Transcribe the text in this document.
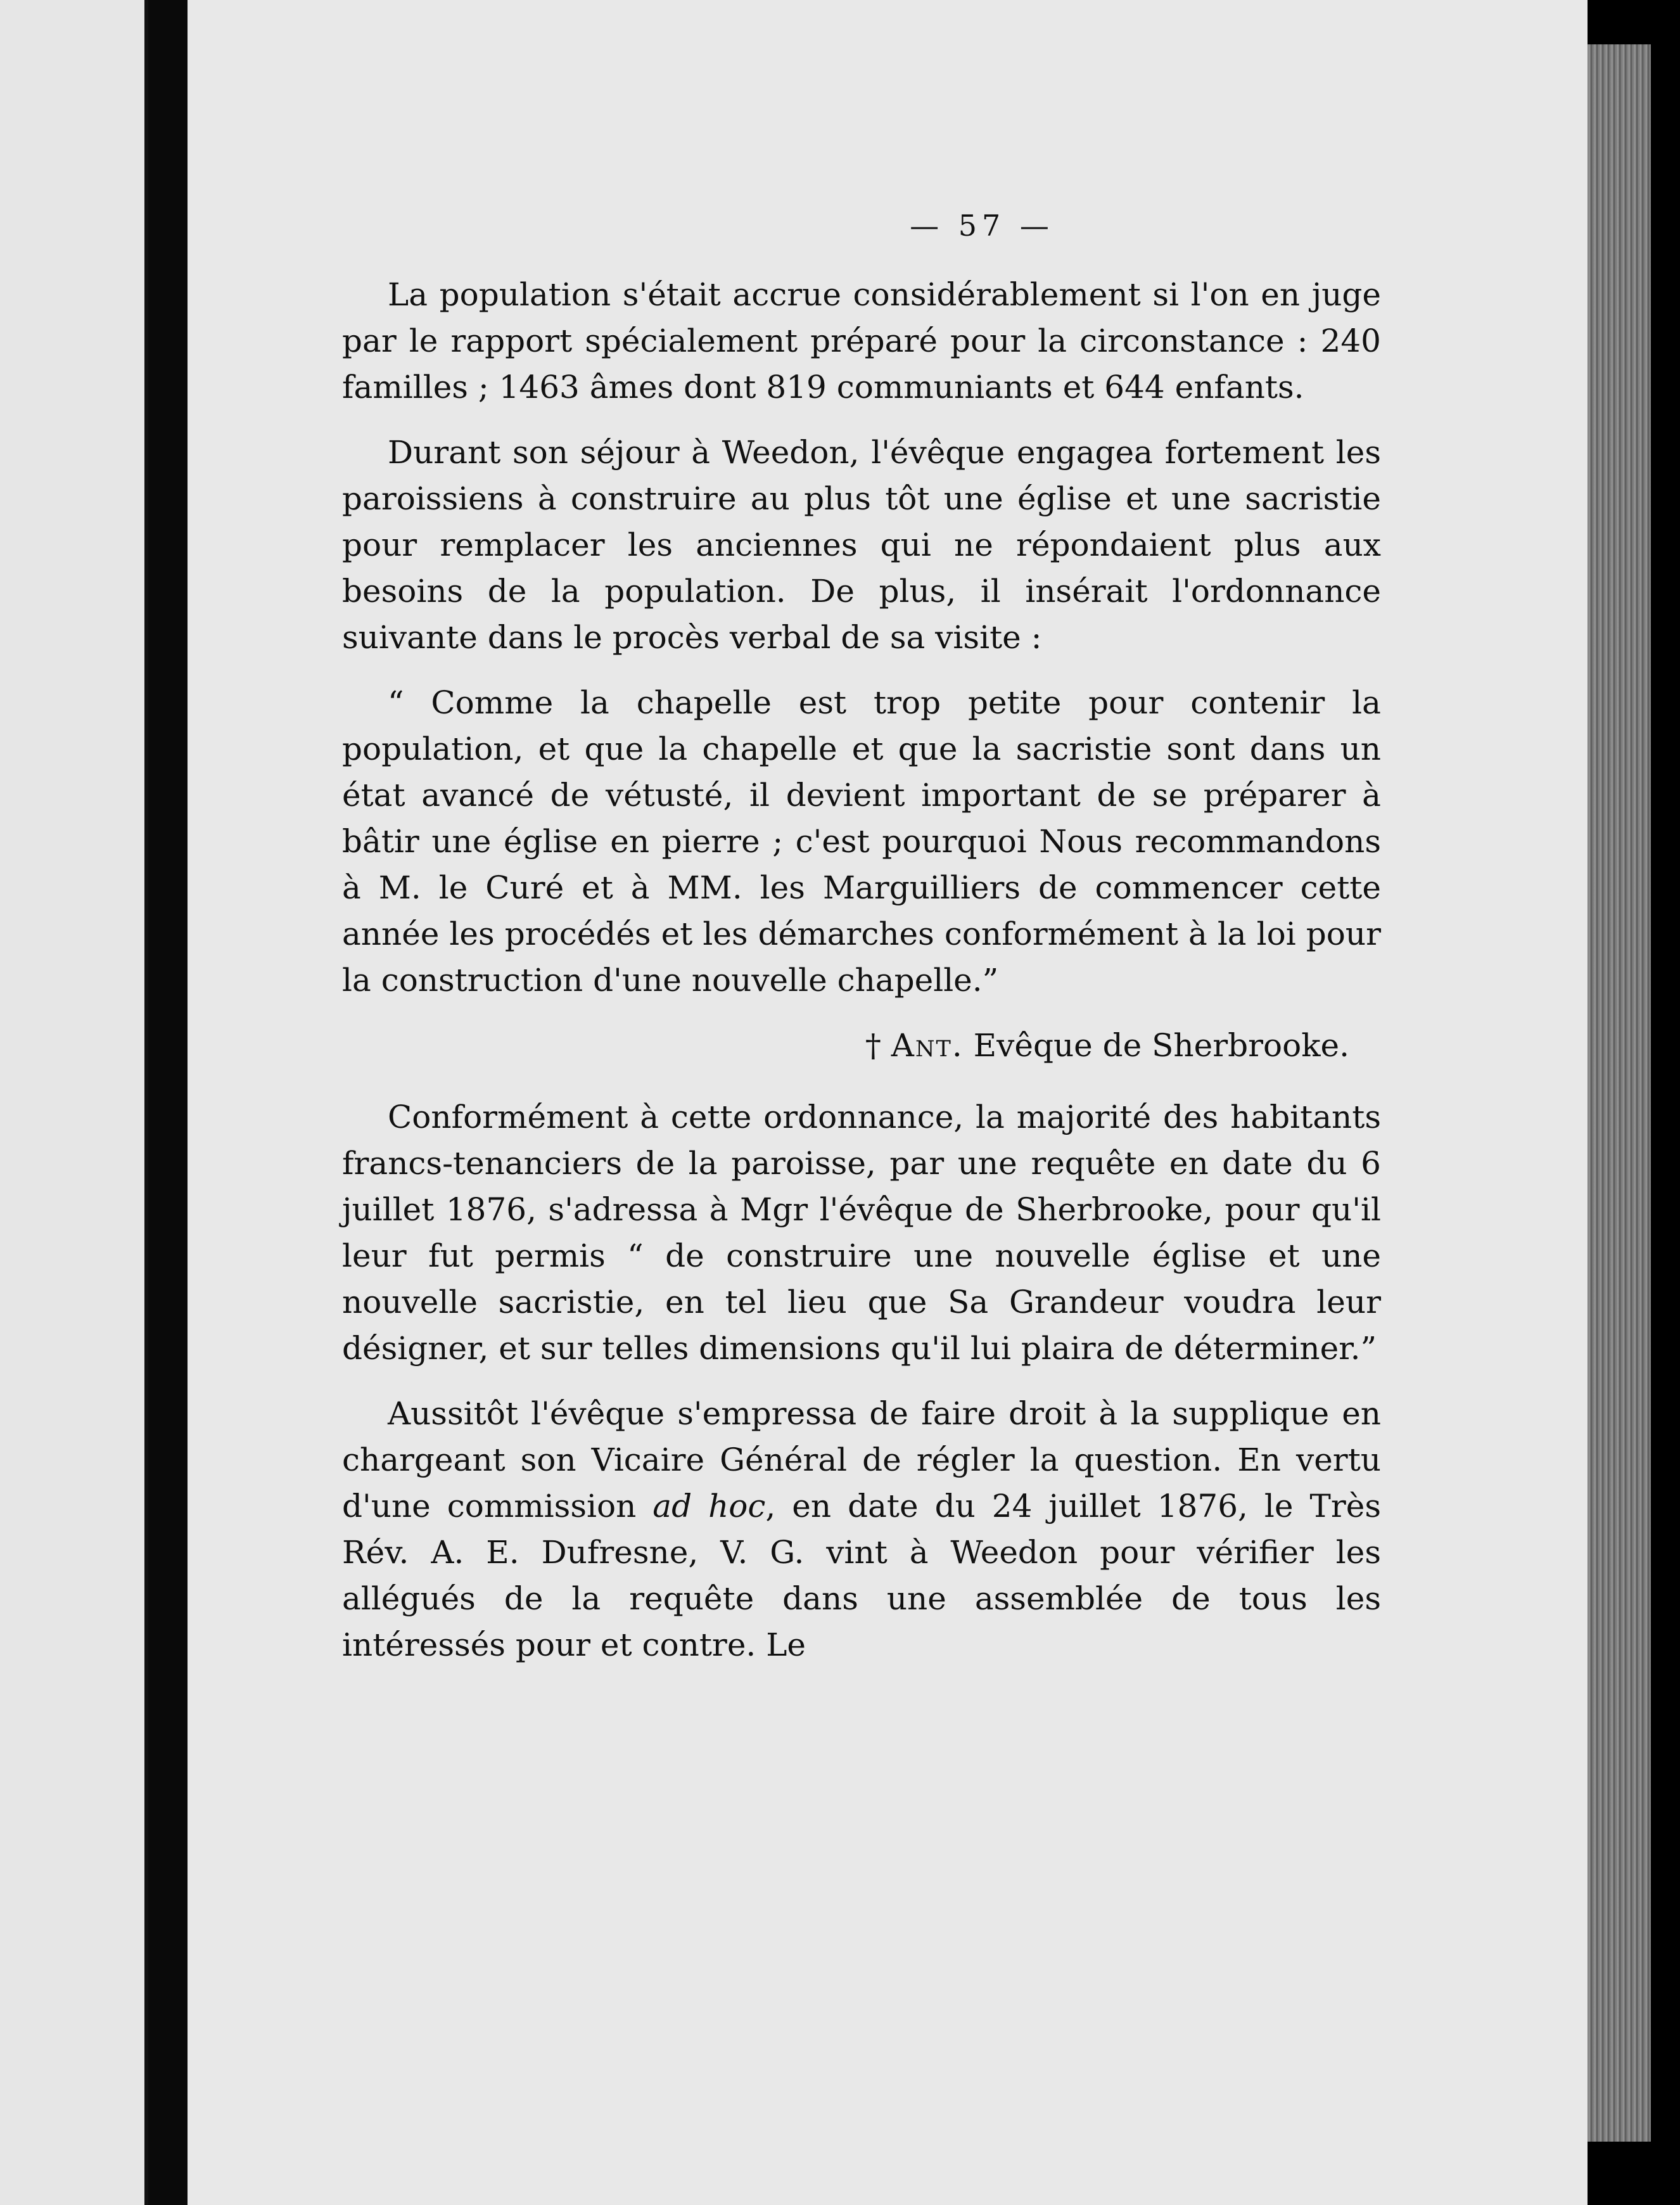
— 57 —

La population s'était accrue considérablement si l'on en juge par le rapport spécialement préparé pour la circonstance : 240 familles ; 1463 âmes dont 819 communiants et 644 enfants.

Durant son séjour à Weedon, l'évêque engagea fortement les paroissiens à construire au plus tôt une église et une sacristie pour remplacer les anciennes qui ne répondaient plus aux besoins de la population. De plus, il insérait l'ordonnance suivante dans le procès verbal de sa visite :

“ Comme la chapelle est trop petite pour contenir la population, et que la chapelle et que la sacristie sont dans un état avancé de vétusté, il devient important de se préparer à bâtir une église en pierre ; c'est pourquoi Nous recommandons à M. le Curé et à MM. les Marguilliers de commencer cette année les procédés et les démarches conformément à la loi pour la construction d'une nouvelle chapelle.”

† Ant. Evêque de Sherbrooke.

Conformément à cette ordonnance, la majorité des habitants francs-tenanciers de la paroisse, par une requête en date du 6 juillet 1876, s'adressa à Mgr l'évêque de Sherbrooke, pour qu'il leur fut permis “ de construire une nouvelle église et une nouvelle sacristie, en tel lieu que Sa Grandeur voudra leur désigner, et sur telles dimensions qu'il lui plaira de déterminer.”

Aussitôt l'évêque s'empressa de faire droit à la supplique en chargeant son Vicaire Général de régler la question. En vertu d'une commission ad hoc, en date du 24 juillet 1876, le Très Rév. A. E. Dufresne, V. G. vint à Weedon pour vérifier les allégués de la requête dans une assemblée de tous les intéressés pour et contre. Le
